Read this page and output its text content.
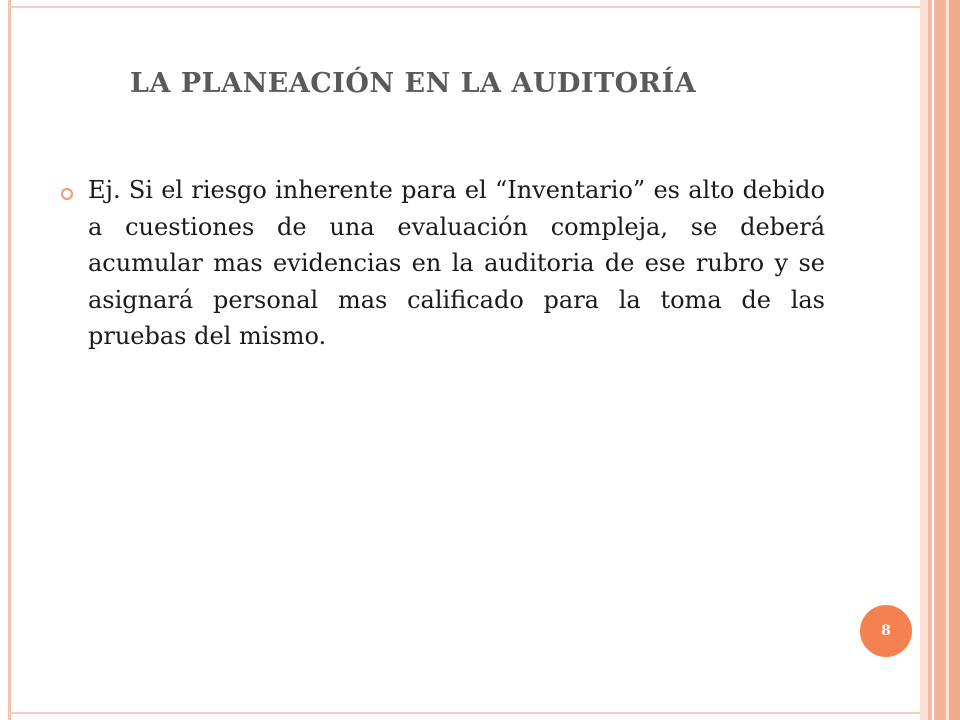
LA PLANEACIÓN EN LA AUDITORÍA

Ej. Si el riesgo inherente para el “Inventario” es alto debido a cuestiones de una evaluación compleja, se deberá acumular mas evidencias en la auditoria de ese rubro y se asignará personal mas calificado para la toma de las pruebas del mismo.

8
